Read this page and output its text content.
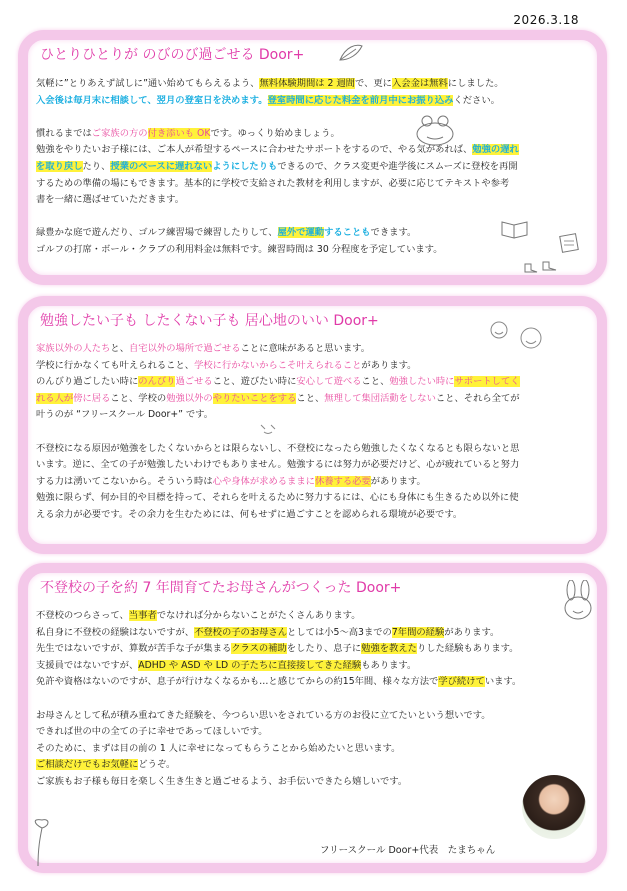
2026.3.18
ひとりひとりが のびのび過ごせる Door+

気軽に”とりあえず試しに”通い始めてもらえるよう、無料体験期間は 2 週間で、更に入会金は無料にしました。

入会後は毎月末に相談して、翌月の登室日を決めます。登室時間に応じた料金を前月中にお振り込みください。

慣れるまではご家族の方の付き添いも OKです。ゆっくり始めましょう。

勉強をやりたいお子様には、ご本人が希望するペースに合わせたサポートをするので、やる気があれば、勉強の遅れ

を取り戻したり、授業のペースに遅れないようにしたりもできるので、クラス変更や進学後にスムーズに登校を再開

するための準備の場にもできます。基本的に学校で支給された教材を利用しますが、必要に応じてテキストや参考

書を一緒に選ばせていただきます。

緑豊かな庭で遊んだり、ゴルフ練習場で練習したりして、屋外で運動することもできます。

ゴルフの打席・ボール・クラブの利用料金は無料です。練習時間は 30 分程度を予定しています。

勉強したい子も したくない子も 居心地のいい Door+

家族以外の人たちと、自宅以外の場所で過ごせることに意味があると思います。

学校に行かなくても叶えられること、学校に行かないからこそ叶えられることがあります。

のんびり過ごしたい時にのんびり過ごせること、遊びたい時に安心して遊べること、勉強したい時にサポートしてく

れる人が傍に居ること、学校の勉強以外のやりたいことをすること、無理して集団活動をしないこと、それら全てが

叶うのが “フリースクール Door+” です。

不登校になる原因が勉強をしたくないからとは限らないし、不登校になったら勉強したくなくなるとも限らないと思

います。逆に、全ての子が勉強したいわけでもありません。勉強するには努力が必要だけど、心が疲れていると努力

する力は湧いてこないから。そういう時は心や身体が求めるままに休養する必要があります。

勉強に限らず、何か目的や目標を持って、それらを叶えるために努力するには、心にも身体にも生きるため以外に使

える余力が必要です。その余力を生むためには、何もせずに過ごすことを認められる環境が必要です。

不登校の子を約 7 年間育てたお母さんがつくった Door+

不登校のつらさって、当事者でなければ分からないことがたくさんあります。

私自身に不登校の経験はないですが、不登校の子のお母さんとしては小5～高3までの7年間の経験があります。

先生ではないですが、算数が苦手な子が集まるクラスの補助をしたり、息子に勉強を教えたりした経験もあります。

支援員ではないですが、ADHD や ASD や LD の子たちに直接接してきた経験もあります。

免許や資格はないのですが、息子が行けなくなるかも…と感じてからの約15年間、様々な方法で学び続けています。

お母さんとして私が積み重ねてきた経験を、今つらい思いをされている方のお役に立てたいという想いです。

できれば世の中の全ての子に幸せであってほしいです。

そのために、まずは目の前の 1 人に幸せになってもらうことから始めたいと思います。

ご相談だけでもお気軽にどうぞ。

ご家族もお子様も毎日を楽しく生き生きと過ごせるよう、お手伝いできたら嬉しいです。

フリースクール Door+代表　たまちゃん
